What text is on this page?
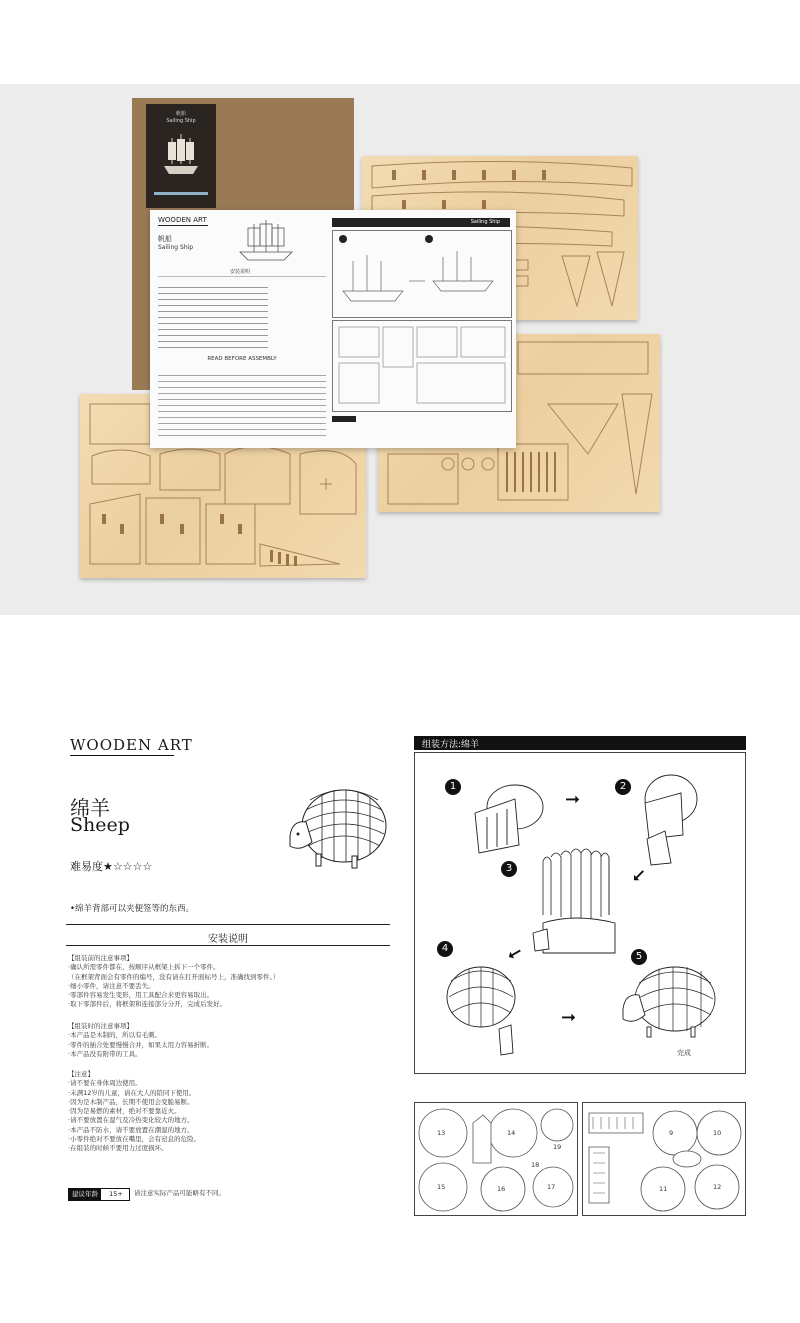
帆船
Sailing Ship
WOODEN ART
帆船
Sailing Ship
安装说明
READ BEFORE ASSEMBLY
Sailing Ship
WOODEN ART
绵羊
Sheep
难易度★☆☆☆☆
•绵羊背部可以夹便签等的东西。
安装说明
【组装前的注意事项】
·确认所需零件都在，按顺序从框架上拆下一个零件。
（在框架背面会有零件的编号，没有请在打开面标号上，准确找到零件。）
·细小零件，请注意不要丢失。
·零部件容易发生变形，用工具配合来更容易取出。
·取下零部件后，将框架和连接部分分开，完成后发好。
【组装时的注意事项】
·本产品是木制的，所以有毛刺。
·零件的插合处要慢慢合并，如果太用力容易折断。
·本产品没有附带的工具。
【注意】
·请不要在身体周边使用。
·未满12岁的儿童，请在大人的陪同下使用。
·因为是木制产品，长期不使用会变脆易断。
·因为是易燃的素材，绝对不要靠近火。
·请不要放置在湿气及冷热变化较大的地方。
·本产品不防水，请不要放置在潮湿的地方。
·小零件绝对不要放在嘴里，会有窒息的危险。
·在组装的时候不要用力过度损坏。
建议年龄	15+	请注意实际产品可能略有不同。
组装方法:绵羊
1	2
3
4
5
➞
➞
➞
➞
完成
13	14
15	16	17
18
19
9	10
11	12
